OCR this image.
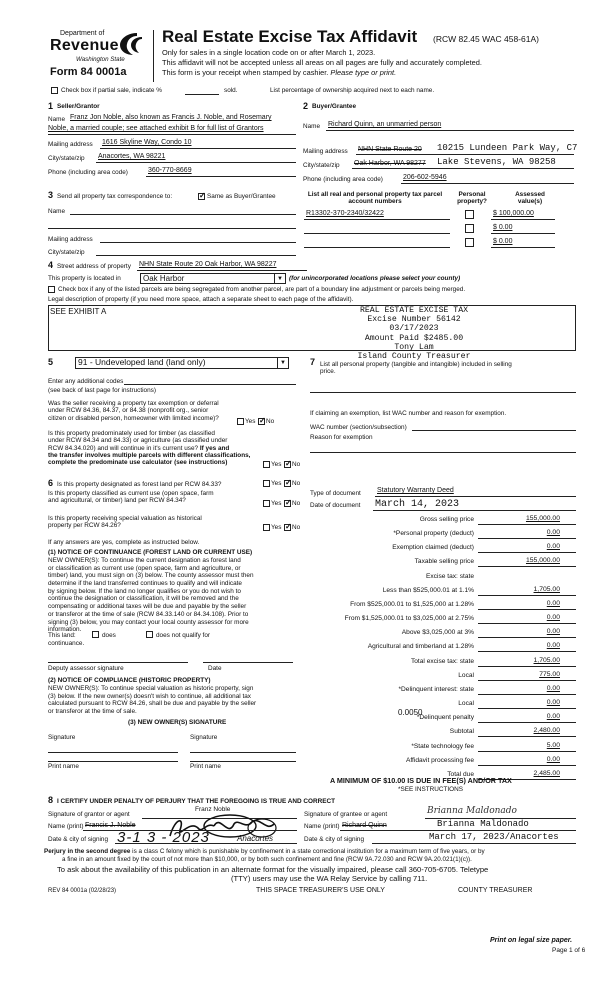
Department of
Revenue
Washington State
Form 84 0001a
Real Estate Excise Tax Affidavit (RCW 82.45 WAC 458-61A)
Only for sales in a single location code on or after March 1, 2023.
This affidavit will not be accepted unless all areas on all pages are fully and accurately completed.
This form is your receipt when stamped by cashier. Please type or print.
Check box if partial sale, indicate %	sold.	List percentage of ownership acquired next to each name.
1 Seller/Grantor
Name Franz Jon Noble, also known as Francis J. Noble, and Rosemary
Noble, a married couple; see attached exhibit B for full list of Grantors
Mailing address 1616 Skyline Way, Condo 10
City/state/zip Anacortes, WA 98221
Phone (including area code)	360-770-8669
2 Buyer/Grantee
Name Richard Quinn, an unmarried person
Mailing address NHN State Route 20 10215 Lundeen Park Way, C7
City/state/zip Oak Harbor, WA 98277 Lake Stevens, WA 98258
Phone (including area code)	206-602-5946
3 Send all property tax correspondence to: ✓	Same as Buyer/Grantee
Name
Mailing address
City/state/zip
List all real and personal property tax parcel account numbers
Personal property?
Assessed value(s)
R13302-370-2340/32422	$ 100,000.00
$ 0.00
$ 0.00
4 Street address of property NHN State Route 20 Oak Harbor, WA 98227
This property is located in	Oak Harbor	▼ (for unincorporated locations please select your county)
Check box if any of the listed parcels are being segregated from another parcel, are part of a boundary line adjustment or parcels being merged.
Legal description of property (if you need more space, attach a separate sheet to each page of the affidavit).
SEE EXHIBIT A	REAL ESTATE EXCISE TAX
Excise Number 56142
03/17/2023
Amount Paid $2485.00
Tony Lam
Island County Treasurer
5	91 - Undeveloped land (land only)	▼
Enter any additional codes
(see back of last page for instructions)
Was the seller receiving a property tax exemption or deferral
under RCW 84.36, 84.37, or 84.38 (nonprofit org., senior
citizen or disabled person, homeowner with limited income)?	Yes ✓ No
Is this property predominately used for timber (as classified
under RCW 84.34 and 84.33) or agriculture (as classified under
RCW 84.34.020) and will continue in it's current use? If yes and
the transfer involves multiple parcels with different classifications,
complete the predominate use calculator (see instructions)	Yes ✓ No
6 Is this property designated as forest land per RCW 84.33?	Yes ✓ No
Is this property classified as current use (open space, farm
and agricultural, or timber) land per RCW 84.34?	Yes ✓ No
Is this property receiving special valuation as historical
property per RCW 84.26?	Yes ✓ No
If any answers are yes, complete as instructed below.
(1) NOTICE OF CONTINUANCE (FOREST LAND OR CURRENT USE)
NEW OWNER(S): To continue the current designation as forest land
or classification as current use (open space, farm and agriculture, or
timber) land, you must sign on (3) below. The county assessor must then
determine if the land transferred continues to qualify and will indicate
by signing below. If the land no longer qualifies or you do not wish to
continue the designation or classification, it will be removed and the
compensating or additional taxes will be due and payable by the seller
or transferor at the time of sale (RCW 84.33.140 or 84.34.108). Prior to
signing (3) below, you may contact your local county assessor for more
information.
This land:	does	does not qualify for
continuance.
Deputy assessor signature	Date
(2) NOTICE OF COMPLIANCE (HISTORIC PROPERTY)
NEW OWNER(S): To continue special valuation as historic property, sign
(3) below. If the new owner(s) doesn't wish to continue, all additional tax
calculated pursuant to RCW 84.26, shall be due and payable by the seller
or transferor at the time of sale.
(3) NEW OWNER(S) SIGNATURE
Signature	Signature
Print name	Print name
7 List all personal property (tangible and intangible) included in selling
price.
If claiming an exemption, list WAC number and reason for exemption.
WAC number (section/subsection)
Reason for exemption
Type of document Statutory Warranty Deed
Date of document March 14, 2023
Gross selling price	155,000.00
*Personal property (deduct)	0.00
Exemption claimed (deduct)	0.00
Taxable selling price	155,000.00
Excise tax: state
Less than $525,000.01 at 1.1%	1,705.00
From $525,000.01 to $1,525,000 at 1.28%	0.00
From $1,525,000.01 to $3,025,000 at 2.75%	0.00
Above $3,025,000 at 3%	0.00
Agricultural and timberland at 1.28%	0.00
Total excise tax: state	1,705.00
Local	775.00
*Delinquent interest: state	0.00
Local	0.00
*Delinquent penalty	0.00
Subtotal	2,480.00
*State technology fee	5.00
Affidavit processing fee	0.00
Total due	2,485.00
0.0050
A MINIMUM OF $10.00 IS DUE IN FEE(S) AND/OR TAX
*SEE INSTRUCTIONS
8 I CERTIFY UNDER PENALTY OF PERJURY THAT THE FOREGOING IS TRUE AND CORRECT
Signature of grantor or agent
Franz Noble
Name (print) Francis J. Noble
Date & city of signing 3-1 3 - 2023	Anacortes
Signature of grantee or agent	Brianna Maldonado
Name (print) Richard Quinn	Brianna Maldonado
Date & city of signing	March 17, 2023/Anacortes
Perjury in the second degree is a class C felony which is punishable by confinement in a state correctional institution for a maximum term of five years, or by
a fine in an amount fixed by the court of not more than $10,000, or by both such confinement and fine (RCW 9A.72.030 and RCW 9A.20.021(1)(c)).
To ask about the availability of this publication in an alternate format for the visually impaired, please call 360-705-6705. Teletype
(TTY) users may use the WA Relay Service by calling 711.
REV 84 0001a (02/28/23)	THIS SPACE TREASURER'S USE ONLY	COUNTY TREASURER
Print on legal size paper.
Page 1 of 6
